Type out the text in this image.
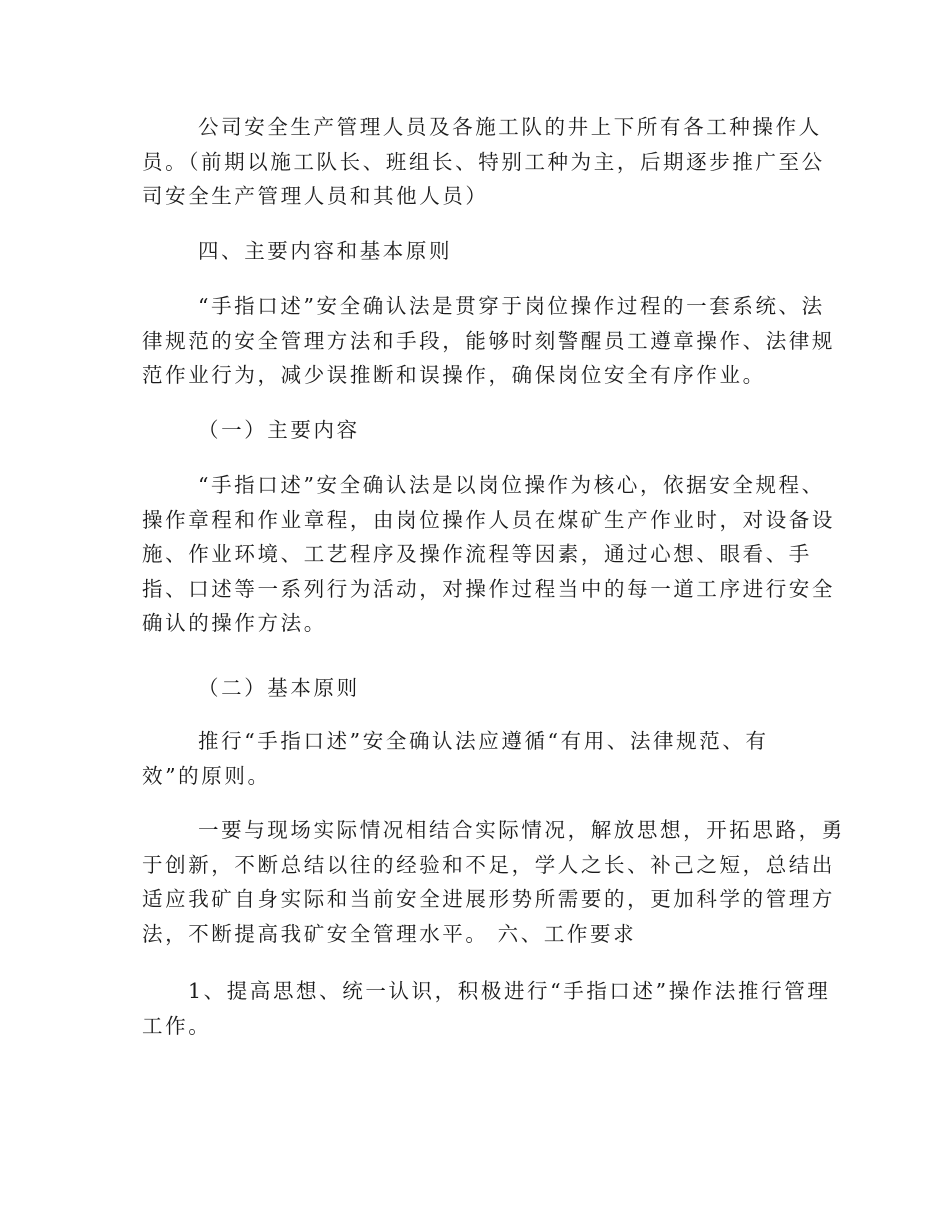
公司安全生产管理人员及各施工队的井上下所有各工种操作人
员。（前期以施工队长、班组长、特别工种为主，后期逐步推广至公
司安全生产管理人员和其他人员）

四、主要内容和基本原则

“手指口述”安全确认法是贯穿于岗位操作过程的一套系统、法
律规范的安全管理方法和手段，能够时刻警醒员工遵章操作、法律规
范作业行为，减少误推断和误操作，确保岗位安全有序作业。

（一）主要内容

“手指口述”安全确认法是以岗位操作为核心，依据安全规程、
操作章程和作业章程，由岗位操作人员在煤矿生产作业时，对设备设
施、作业环境、工艺程序及操作流程等因素，通过心想、眼看、手
指、口述等一系列行为活动，对操作过程当中的每一道工序进行安全
确认的操作方法。

（二）基本原则

推行“手指口述”安全确认法应遵循“有用、法律规范、有
效”的原则。

一要与现场实际情况相结合实际情况，解放思想，开拓思路，勇
于创新，不断总结以往的经验和不足，学人之长、补己之短，总结出
适应我矿自身实际和当前安全进展形势所需要的，更加科学的管理方
法，不断提高我矿安全管理水平。 六、工作要求

1、提高思想、统一认识，积极进行“手指口述”操作法推行管理
工作。
